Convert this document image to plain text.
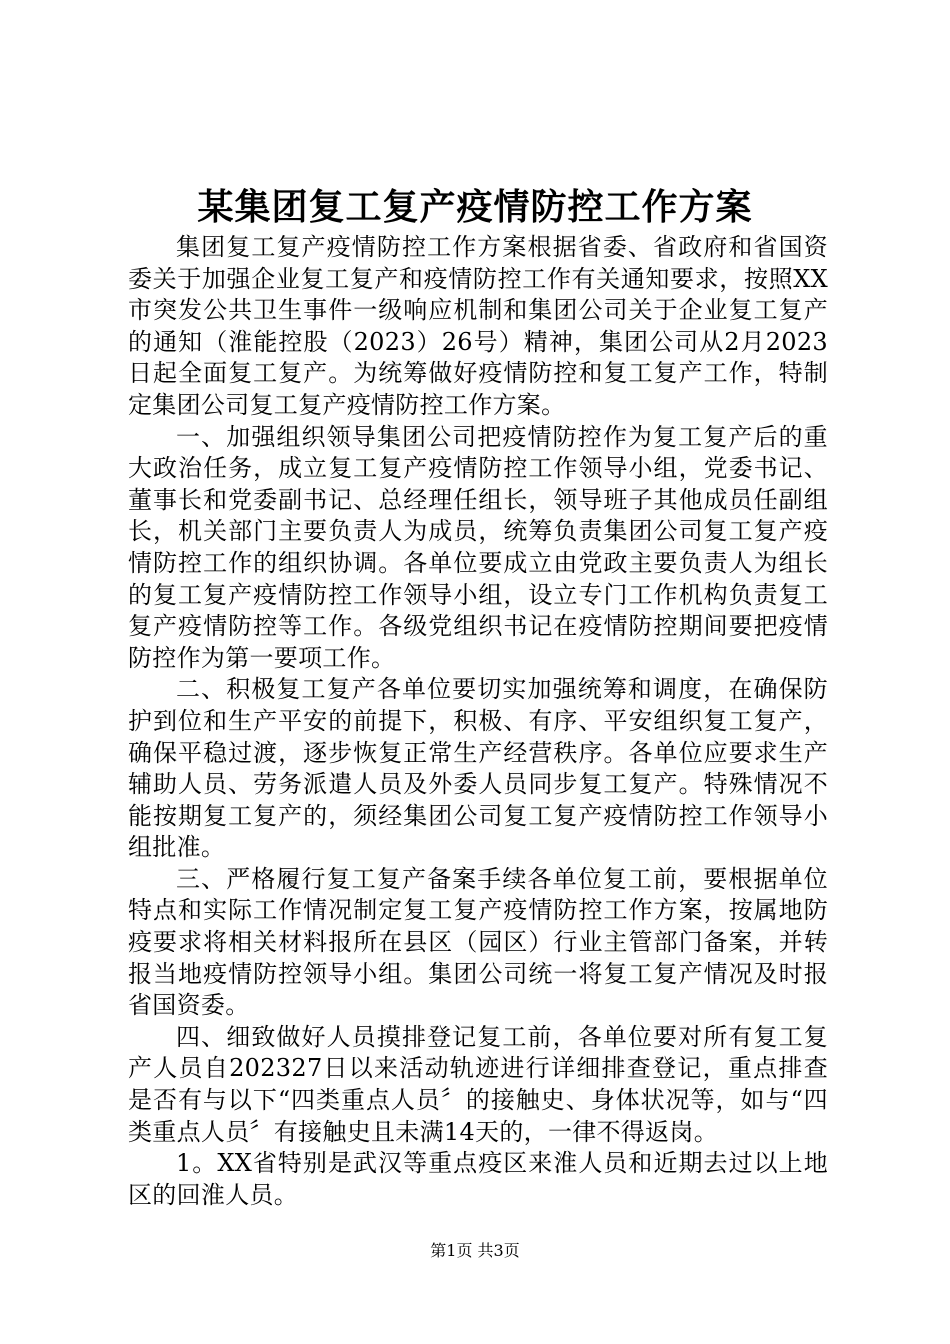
某集团复工复产疫情防控工作方案

集团复工复产疫情防控工作方案根据省委、省政府和省国资委关于加强企业复工复产和疫情防控工作有关通知要求，按照XX市突发公共卫生事件一级响应机制和集团公司关于企业复工复产的通知（淮能控股（2023）26号）精神，集团公司从2月2023日起全面复工复产。为统筹做好疫情防控和复工复产工作，特制定集团公司复工复产疫情防控工作方案。

一、加强组织领导集团公司把疫情防控作为复工复产后的重大政治任务，成立复工复产疫情防控工作领导小组，党委书记、董事长和党委副书记、总经理任组长，领导班子其他成员任副组长，机关部门主要负责人为成员，统筹负责集团公司复工复产疫情防控工作的组织协调。各单位要成立由党政主要负责人为组长的复工复产疫情防控工作领导小组，设立专门工作机构负责复工复产疫情防控等工作。各级党组织书记在疫情防控期间要把疫情防控作为第一要项工作。

二、积极复工复产各单位要切实加强统筹和调度，在确保防护到位和生产平安的前提下，积极、有序、平安组织复工复产，确保平稳过渡，逐步恢复正常生产经营秩序。各单位应要求生产辅助人员、劳务派遣人员及外委人员同步复工复产。特殊情况不能按期复工复产的，须经集团公司复工复产疫情防控工作领导小组批准。

三、严格履行复工复产备案手续各单位复工前，要根据单位特点和实际工作情况制定复工复产疫情防控工作方案，按属地防疫要求将相关材料报所在县区（园区）行业主管部门备案，并转报当地疫情防控领导小组。集团公司统一将复工复产情况及时报省国资委。

四、细致做好人员摸排登记复工前，各单位要对所有复工复产人员自202327日以来活动轨迹进行详细排查登记，重点排查是否有与以下“四类重点人员〞的接触史、身体状况等，如与“四类重点人员〞有接触史且未满14天的，一律不得返岗。

1。XX省特别是武汉等重点疫区来淮人员和近期去过以上地区的回淮人员。

第1页 共3页
